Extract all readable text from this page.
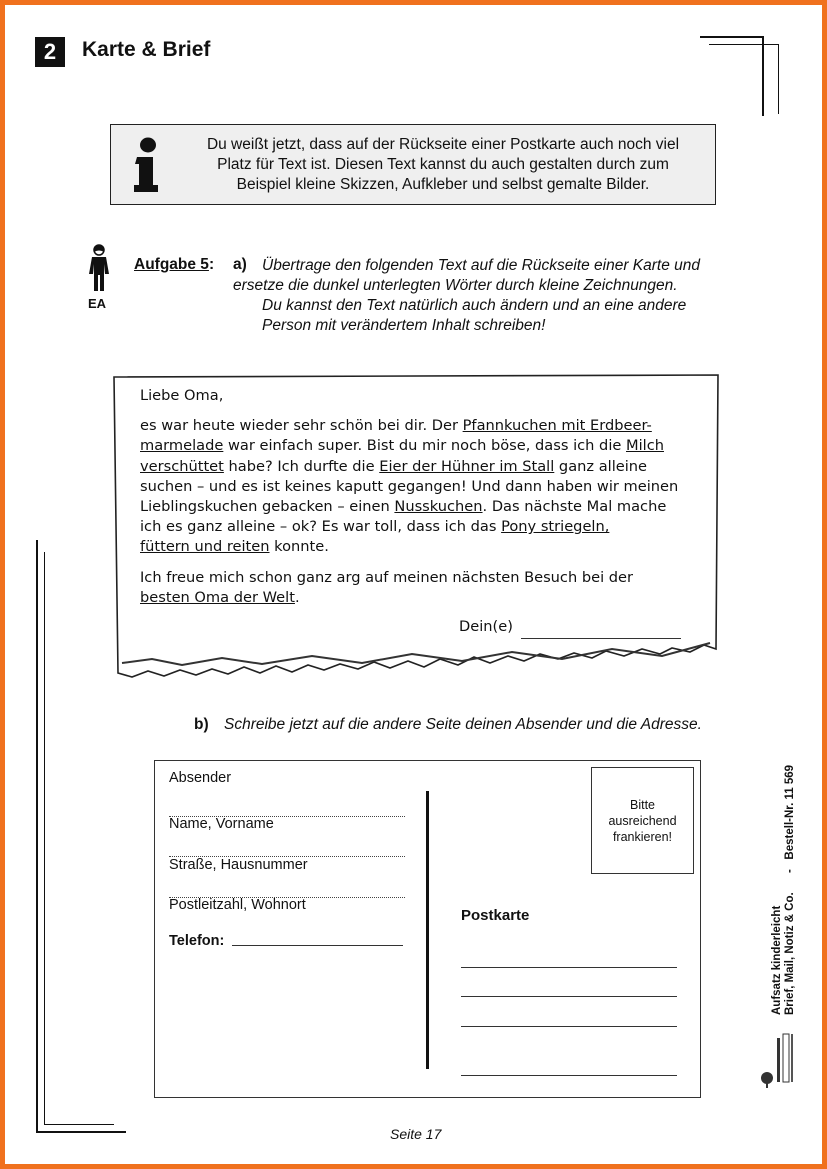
2	Karte & Brief
Du weißt jetzt, dass auf der Rückseite einer Postkarte auch noch viel
Platz für Text ist. Diesen Text kannst du auch gestalten durch zum
Beispiel kleine Skizzen, Aufkleber und selbst gemalte Bilder.
EA
Aufgabe 5: a) Übertrage den folgenden Text auf die Rückseite einer Karte und
ersetze die dunkel unterlegten Wörter durch kleine Zeichnungen.
Du kannst den Text natürlich auch ändern und an eine andere
Person mit verändertem Inhalt schreiben!

Liebe Oma,

es war heute wieder sehr schön bei dir. Der Pfannkuchen mit Erdbeer-
marmelade war einfach super. Bist du mir noch böse, dass ich die Milch
verschüttet habe? Ich durfte die Eier der Hühner im Stall ganz alleine
suchen – und es ist keines kaputt gegangen! Und dann haben wir meinen
Lieblingskuchen gebacken – einen Nusskuchen. Das nächste Mal mache
ich es ganz alleine – ok? Es war toll, dass ich das Pony striegeln,
füttern und reiten konnte.

Ich freue mich schon ganz arg auf meinen nächsten Besuch bei der
besten Oma der Welt.

Dein(e)
b) Schreibe jetzt auf die andere Seite deinen Absender und die Adresse.
Absender
Name, Vorname
Straße, Hausnummer
Postleitzahl, Wohnort
Telefon:
Bitte
ausreichend
frankieren!
Postkarte
-   Bestell-Nr. 11 569
Aufsatz kinderleicht Brief, Mail, Notiz & Co.
Seite 17
